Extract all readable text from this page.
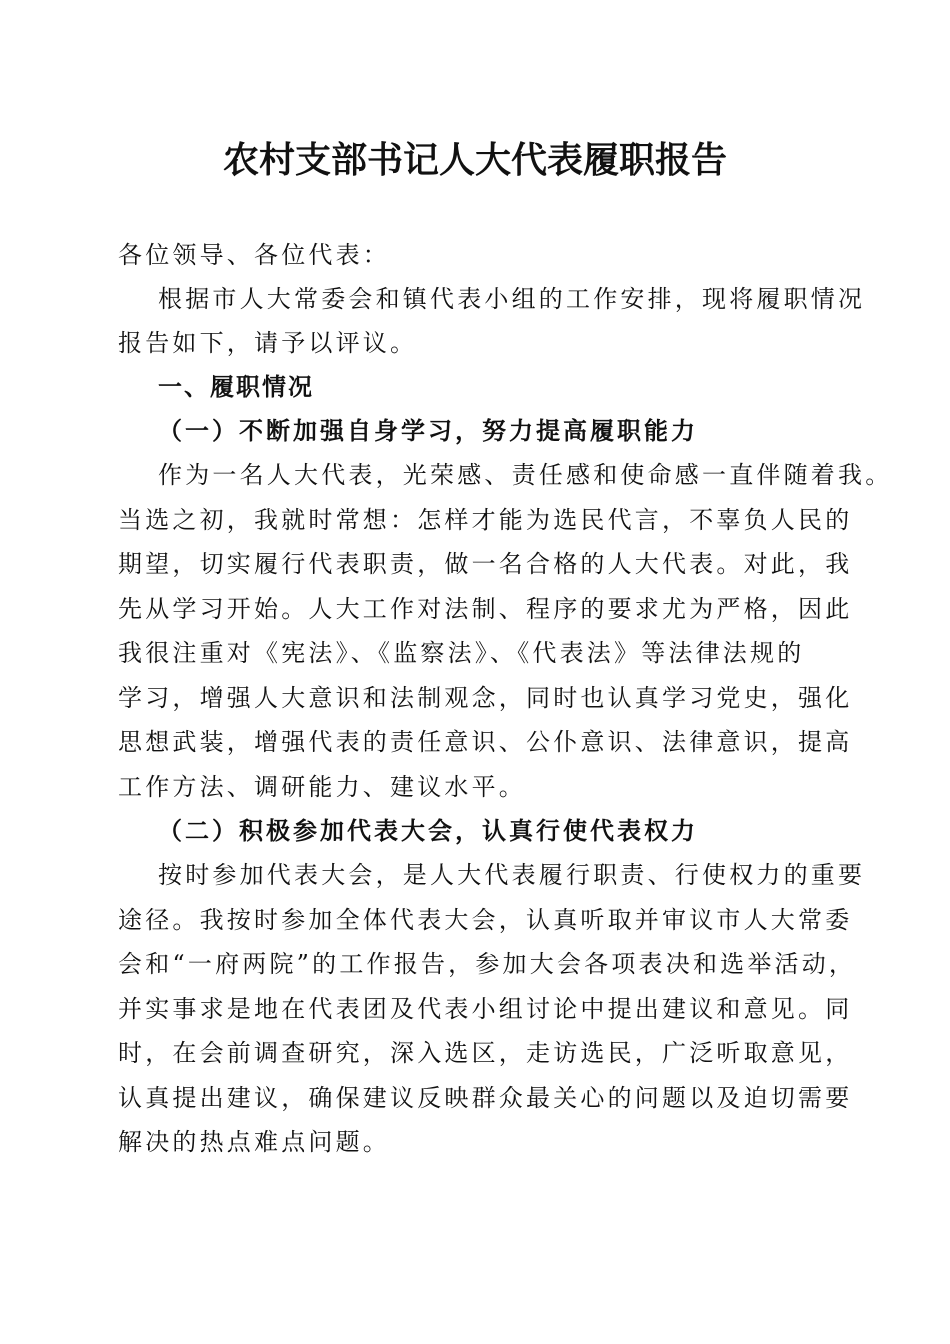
农村支部书记人大代表履职报告
各位领导、各位代表：
根据市人大常委会和镇代表小组的工作安排，现将履职情况
报告如下，请予以评议。
一、履职情况
（一）不断加强自身学习，努力提高履职能力
作为一名人大代表，光荣感、责任感和使命感一直伴随着我。
当选之初，我就时常想：怎样才能为选民代言，不辜负人民的
期望，切实履行代表职责，做一名合格的人大代表。对此，我
先从学习开始。人大工作对法制、程序的要求尤为严格，因此
我很注重对《宪法》、《监察法》、《代表法》等法律法规的
学习，增强人大意识和法制观念，同时也认真学习党史，强化
思想武装，增强代表的责任意识、公仆意识、法律意识，提高
工作方法、调研能力、建议水平。
（二）积极参加代表大会，认真行使代表权力
按时参加代表大会，是人大代表履行职责、行使权力的重要
途径。我按时参加全体代表大会，认真听取并审议市人大常委
会和“一府两院”的工作报告，参加大会各项表决和选举活动，
并实事求是地在代表团及代表小组讨论中提出建议和意见。同
时，在会前调查研究，深入选区，走访选民，广泛听取意见，
认真提出建议，确保建议反映群众最关心的问题以及迫切需要
解决的热点难点问题。
